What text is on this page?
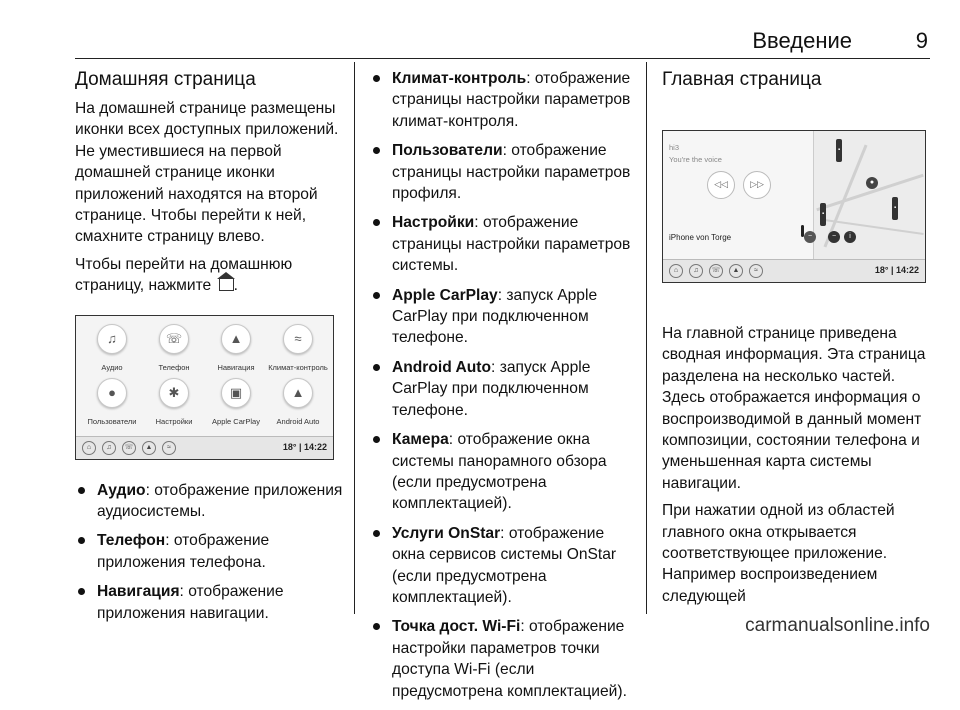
Введение	9
Домашняя страница

На домашней странице размещены иконки всех доступных приложений. Не уместившиеся на первой домашней странице иконки приложений находятся на второй странице. Чтобы перейти к ней, смахните страницу влево.

Чтобы перейти на домашнюю страницу, нажмите .

♫
Аудио
☏
Телефон
▲
Навигация
≈
Климат-контроль
●
Пользователи
✱
Настройки
▣
Apple CarPlay
▲
Android Auto
⌂	♫	☏	▲	≈	18° | 14:22
Аудио: отображение приложения аудиосистемы.
Телефон: отображение приложения телефона.
Навигация: отображение приложения навигации.
Климат-контроль: отображение страницы настройки параметров климат-контроля.
Пользователи: отображение страницы настройки параметров профиля.
Настройки: отображение страницы настройки параметров системы.
Apple CarPlay: запуск Apple CarPlay при подключенном телефоне.
Android Auto: запуск Apple CarPlay при подключенном телефоне.
Камера: отображение окна системы панорамного обзора (если предусмотрена комплектацией).
Услуги OnStar: отображение окна сервисов системы OnStar (если предусмотрена комплектацией).
Точка дост. Wi-Fi: отображение настройки параметров точки доступа Wi-Fi (если предусмотрена комплектацией).
Главная страница
hi3
You're the voice
◁◁	▷▷
iPhone von Torge
●
▪
▪
▪
−	i
−
⌂	♫	☏	▲	≈	18° | 14:22

На главной странице приведена сводная информация. Эта страница разделена на несколько частей. Здесь отображается информация о воспроизводимой в данный момент композиции, состоянии телефона и уменьшенная карта системы навигации.

При нажатии одной из областей главного окна открывается соответствующее приложение. Например воспроизведением следующей

carmanualsonline.info
